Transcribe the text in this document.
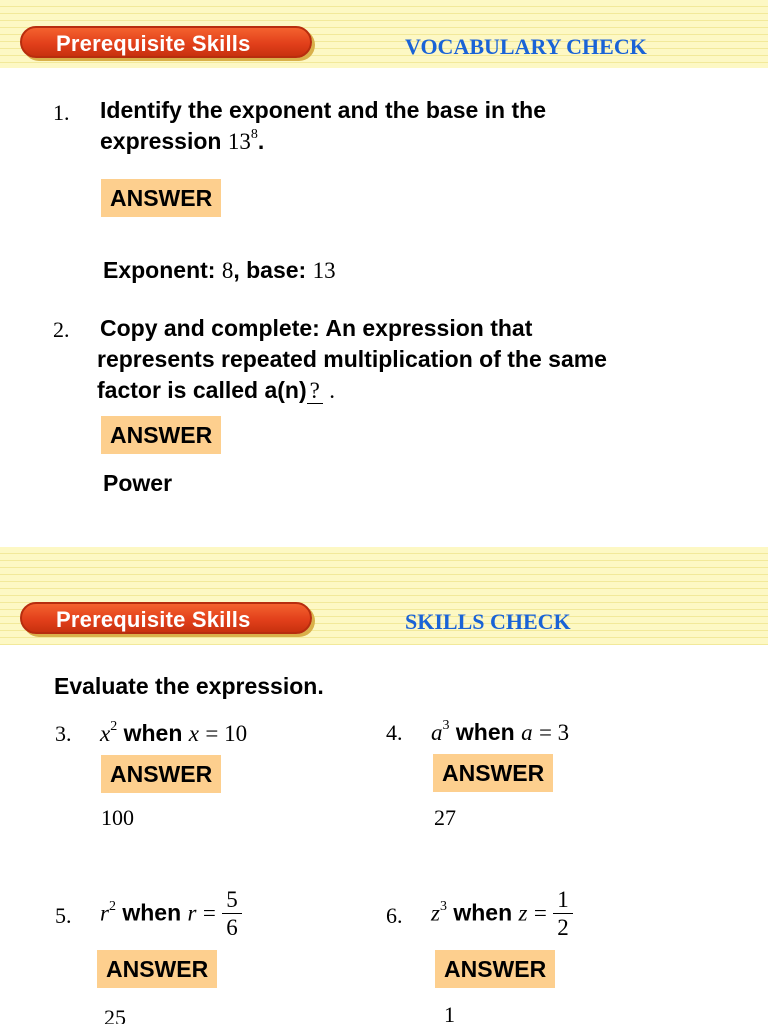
Prerequisite Skills	VOCABULARY CHECK
1. Identify the exponent and the base in the
expression $13^8$.
ANSWER
Exponent: 8, base: 13
2. Copy and complete: An expression that
represents repeated multiplication of the same
factor is called a(n) ? .
ANSWER
Power
Prerequisite Skills	SKILLS CHECK
Evaluate the expression.
3. $x^2$ when x = 10
ANSWER
100
4. $a^3$ when a = 3
ANSWER
27
5. $r^2$ when $r = \frac{5}{6}$
ANSWER
25
6. $z^3$ when $z = \frac{1}{2}$
ANSWER
1
